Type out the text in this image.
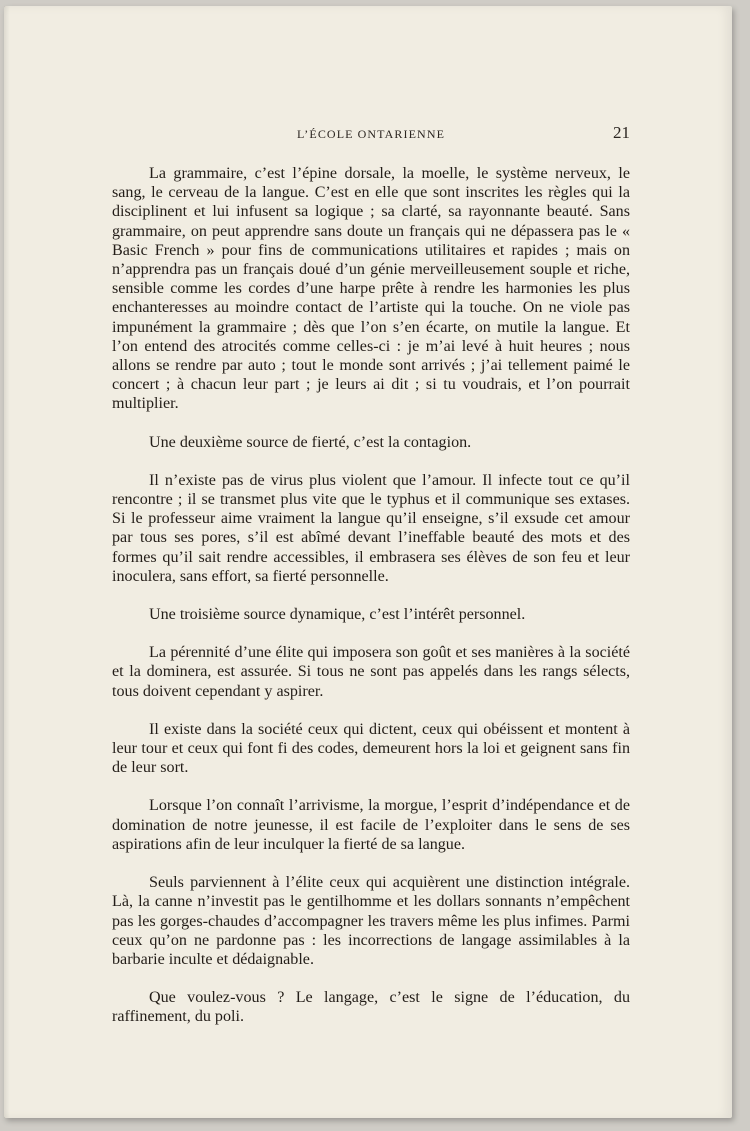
L’ÉCOLE ONTARIENNE	21

La grammaire, c’est l’épine dorsale, la moelle, le système nerveux, le sang, le cerveau de la langue. C’est en elle que sont inscrites les règles qui la disciplinent et lui infusent sa logique ; sa clarté, sa rayonnante beauté. Sans grammaire, on peut apprendre sans doute un français qui ne dépassera pas le « Basic French » pour fins de communications utilitaires et rapides ; mais on n’apprendra pas un français doué d’un génie merveilleusement souple et riche, sensible comme les cordes d’une harpe prête à rendre les harmonies les plus enchanteresses au moindre contact de l’artiste qui la touche. On ne viole pas impunément la grammaire ; dès que l’on s’en écarte, on mutile la langue. Et l’on entend des atrocités comme celles-ci : je m’ai levé à huit heures ; nous allons se rendre par auto ; tout le monde sont arrivés ; j’ai tellement paimé le concert ; à chacun leur part ; je leurs ai dit ; si tu voudrais, et l’on pourrait multiplier.

Une deuxième source de fierté, c’est la contagion.

Il n’existe pas de virus plus violent que l’amour. Il infecte tout ce qu’il rencontre ; il se transmet plus vite que le typhus et il communique ses extases. Si le professeur aime vraiment la langue qu’il enseigne, s’il exsude cet amour par tous ses pores, s’il est abîmé devant l’ineffable beauté des mots et des formes qu’il sait rendre accessibles, il embrasera ses élèves de son feu et leur inoculera, sans effort, sa fierté personnelle.

Une troisième source dynamique, c’est l’intérêt personnel.

La pérennité d’une élite qui imposera son goût et ses manières à la société et la dominera, est assurée. Si tous ne sont pas appelés dans les rangs sélects, tous doivent cependant y aspirer.

Il existe dans la société ceux qui dictent, ceux qui obéissent et montent à leur tour et ceux qui font fi des codes, demeurent hors la loi et geignent sans fin de leur sort.

Lorsque l’on connaît l’arrivisme, la morgue, l’esprit d’indépendance et de domination de notre jeunesse, il est facile de l’exploiter dans le sens de ses aspirations afin de leur inculquer la fierté de sa langue.

Seuls parviennent à l’élite ceux qui acquièrent une distinction intégrale. Là, la canne n’investit pas le gentilhomme et les dollars sonnants n’empêchent pas les gorges-chaudes d’accompagner les travers même les plus infimes. Parmi ceux qu’on ne pardonne pas : les incorrections de langage assimilables à la barbarie inculte et dédaignable.

Que voulez-vous ? Le langage, c’est le signe de l’éducation, du raffinement, du poli.
